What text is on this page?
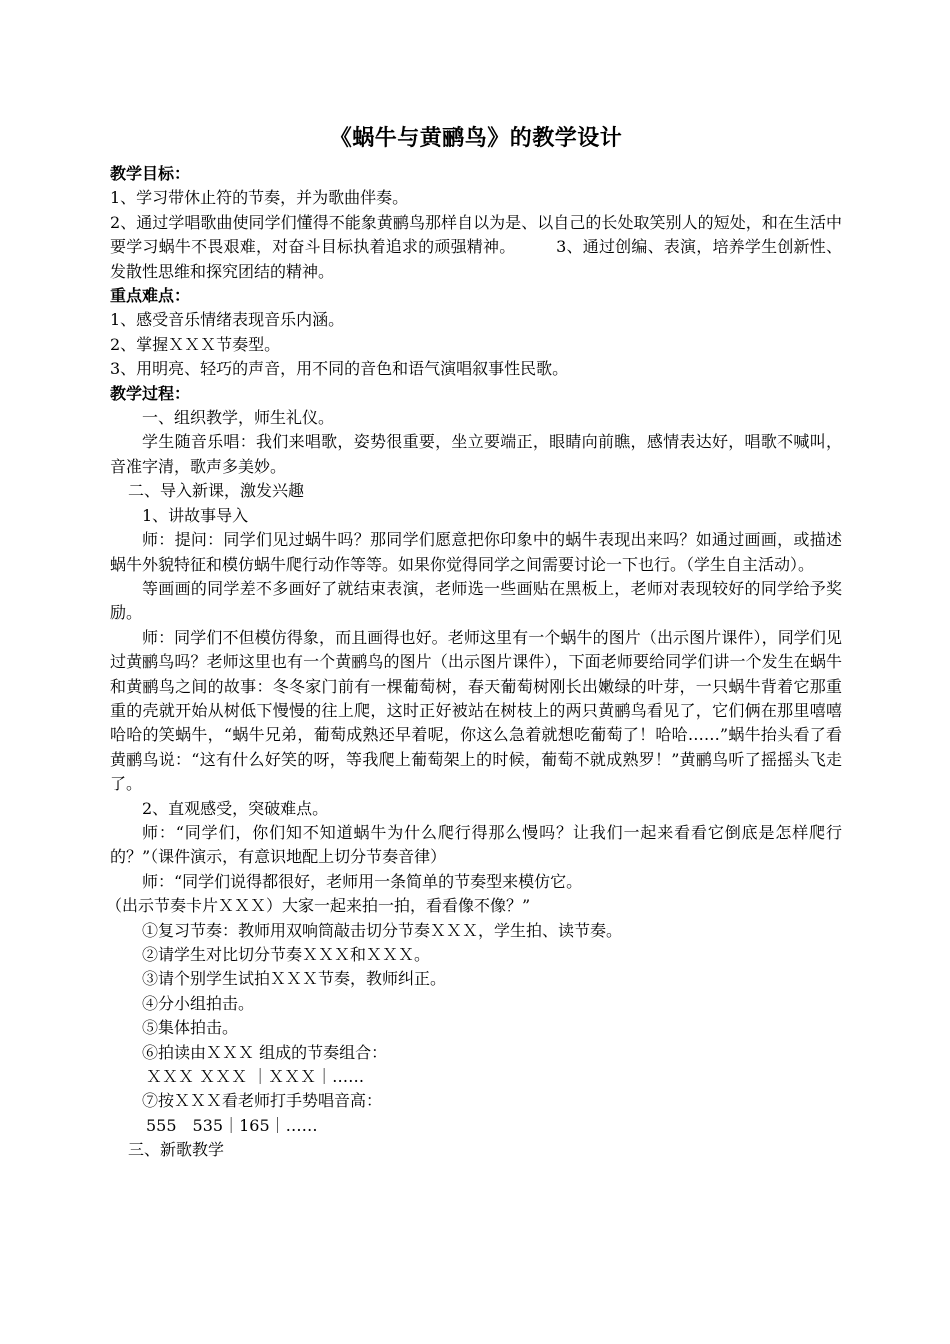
《蜗牛与黄鹂鸟》的教学设计

教学目标：

1、学习带休止符的节奏，并为歌曲伴奏。

2、通过学唱歌曲使同学们懂得不能象黄鹂鸟那样自以为是、以自己的长处取笑别人的短处，和在生活中要学习蜗牛不畏艰难，对奋斗目标执着追求的顽强精神。　　　3、通过创编、表演，培养学生创新性、发散性思维和探究团结的精神。

重点难点：

1、感受音乐情绪表现音乐内涵。

2、掌握ＸＸＸ节奏型。

3、用明亮、轻巧的声音，用不同的音色和语气演唱叙事性民歌。

教学过程：

一、组织教学，师生礼仪。

学生随音乐唱：我们来唱歌，姿势很重要，坐立要端正，眼睛向前瞧，感情表达好，唱歌不喊叫，音准字清，歌声多美妙。

二、导入新课，激发兴趣

1、讲故事导入

师：提问：同学们见过蜗牛吗？那同学们愿意把你印象中的蜗牛表现出来吗？如通过画画，或描述蜗牛外貌特征和模仿蜗牛爬行动作等等。如果你觉得同学之间需要讨论一下也行。（学生自主活动）。

等画画的同学差不多画好了就结束表演，老师选一些画贴在黑板上，老师对表现较好的同学给予奖励。

师：同学们不但模仿得象，而且画得也好。老师这里有一个蜗牛的图片（出示图片课件），同学们见过黄鹂鸟吗？老师这里也有一个黄鹂鸟的图片（出示图片课件），下面老师要给同学们讲一个发生在蜗牛和黄鹂鸟之间的故事：冬冬家门前有一棵葡萄树，春天葡萄树刚长出嫩绿的叶芽，一只蜗牛背着它那重重的壳就开始从树低下慢慢的往上爬，这时正好被站在树枝上的两只黄鹂鸟看见了，它们俩在那里嘻嘻哈哈的笑蜗牛，“蜗牛兄弟，葡萄成熟还早着呢，你这么急着就想吃葡萄了！哈哈……”蜗牛抬头看了看黄鹂鸟说：“这有什么好笑的呀，等我爬上葡萄架上的时候，葡萄不就成熟罗！”黄鹂鸟听了摇摇头飞走了。

2、直观感受，突破难点。

师：“同学们，你们知不知道蜗牛为什么爬行得那么慢吗？让我们一起来看看它倒底是怎样爬行的？”（课件演示，有意识地配上切分节奏音律）

师：“同学们说得都很好，老师用一条简单的节奏型来模仿它。

（出示节奏卡片ＸＸＸ）大家一起来拍一拍，看看像不像？”

①复习节奏：教师用双响筒敲击切分节奏ＸＸＸ，学生拍、读节奏。

②请学生对比切分节奏ＸＸＸ和ＸＸＸ。

③请个别学生试拍ＸＸＸ节奏，教师纠正。

④分小组拍击。

⑤集体拍击。

⑥拍读由ＸＸＸ 组成的节奏组合：

ＸＸＸ ＸＸＸ ｜ＸＸＸ｜……

⑦按ＸＸＸ看老师打手势唱音高：

555　535｜165｜……

三、新歌教学
